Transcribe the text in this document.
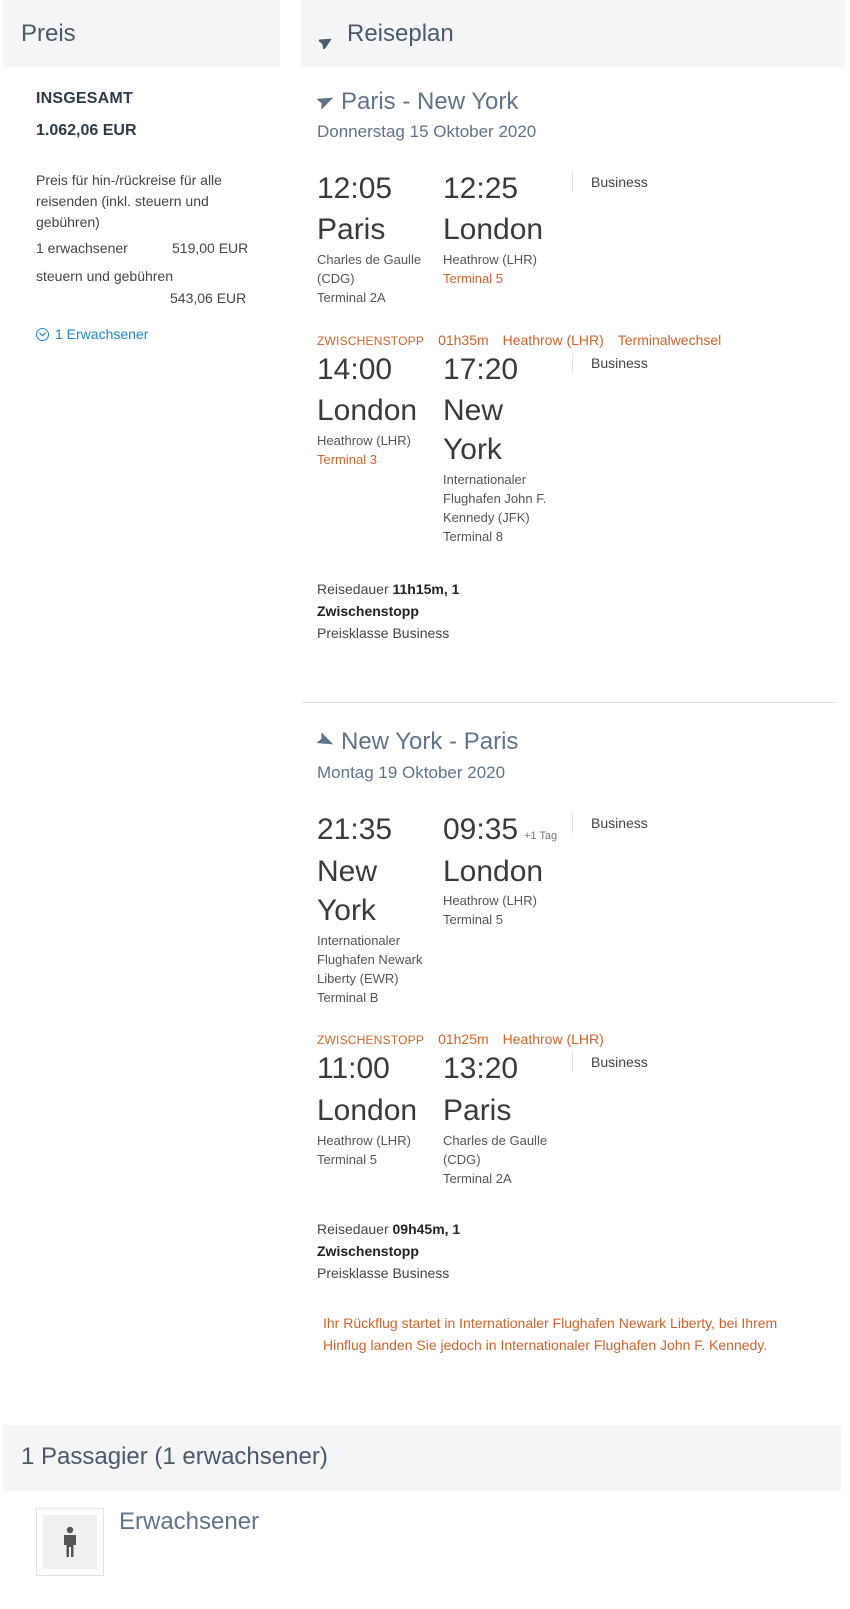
Preis
INSGESAMT
1.062,06 EUR
Preis für hin-/rückreise für alle reisenden (inkl. steuern und gebühren)
1 erwachsener	519,00 EUR
steuern und gebühren
543,06 EUR
1 Erwachsener
Reiseplan
Paris - New York
Donnerstag 15 Oktober 2020
12:05 12:25	Business
Paris London
Charles de Gaulle (CDG)
Terminal 2A
Heathrow (LHR)
Terminal 5
ZWISCHENSTOPP 01h35m Heathrow (LHR) Terminalwechsel
14:00 17:20	Business
London New
York
Heathrow (LHR)
Terminal 3
Internationaler
Flughafen John F.
Kennedy (JFK)
Terminal 8
Reisedauer 11h15m, 1
Zwischenstopp
Preisklasse Business
New York - Paris
Montag 19 Oktober 2020
21:35 09:35 +1 Tag
Business
New
York
London
Internationaler
Flughafen Newark
Liberty (EWR)
Terminal B
Heathrow (LHR)
Terminal 5
ZWISCHENSTOPP 01h25m Heathrow (LHR)
11:00 13:20	Business
London Paris
Heathrow (LHR)
Terminal 5
Charles de Gaulle
(CDG)
Terminal 2A
Reisedauer 09h45m, 1
Zwischenstopp
Preisklasse Business
Ihr Rückflug startet in Internationaler Flughafen Newark Liberty, bei Ihrem Hinflug landen Sie jedoch in Internationaler Flughafen John F. Kennedy.
1 Passagier (1 erwachsener)
Erwachsener
